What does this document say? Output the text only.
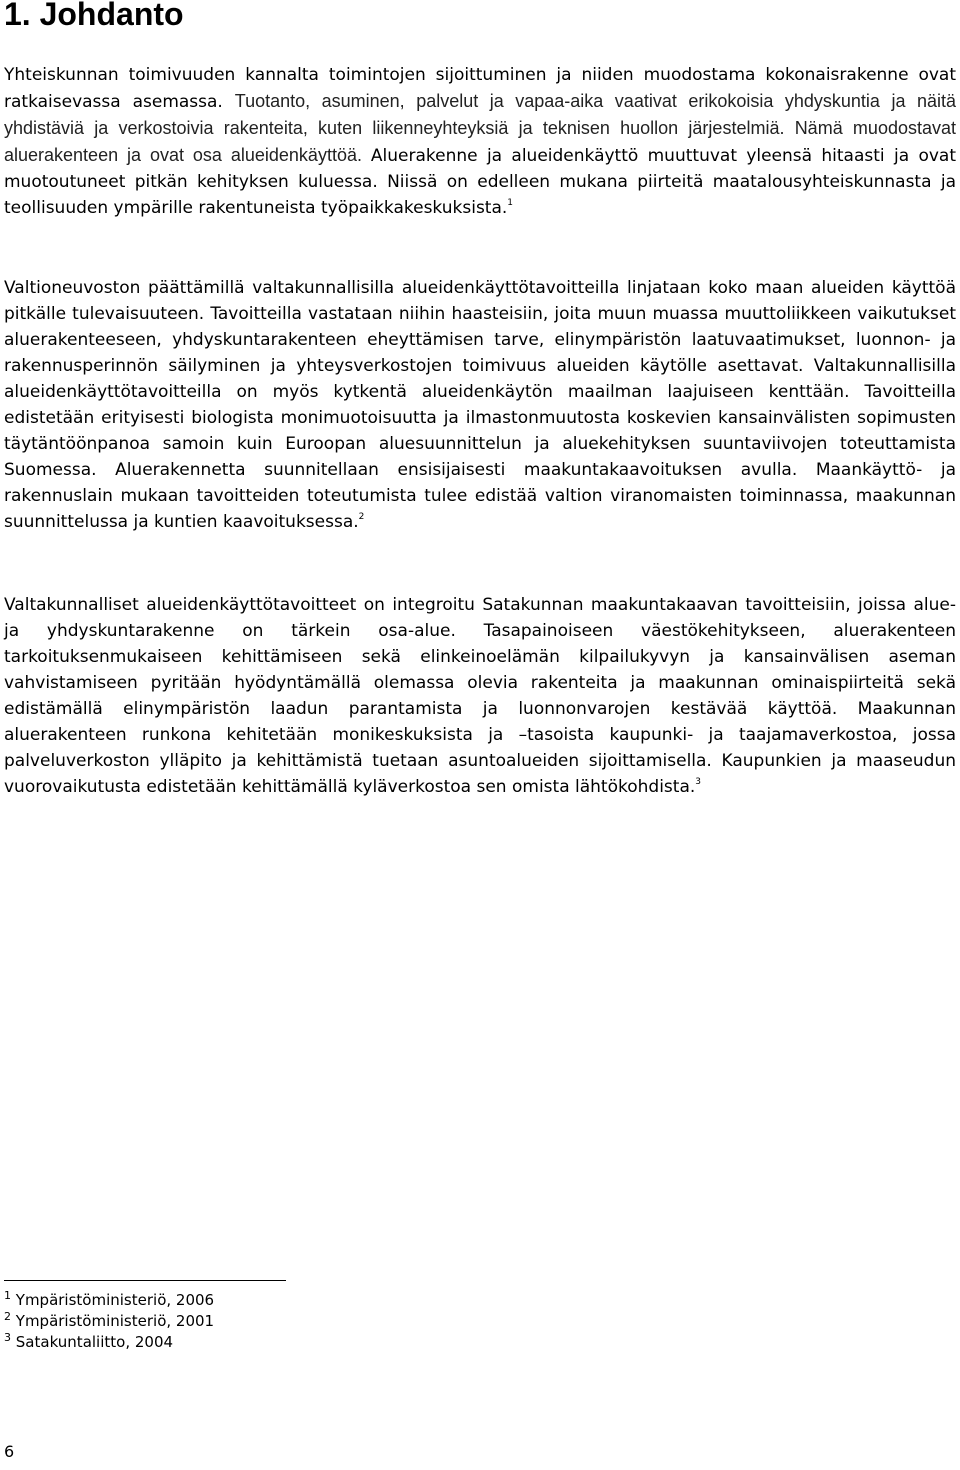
1. Johdanto

Yhteiskunnan toimivuuden kannalta toimintojen sijoittuminen ja niiden muodostama kokonaisrakenne ovat ratkaisevassa asemassa. Tuotanto, asuminen, palvelut ja vapaa-aika vaativat erikokoisia yhdyskuntia ja näitä yhdistäviä ja verkostoivia rakenteita, kuten liikenneyhteyksiä ja teknisen huollon järjestelmiä. Nämä muodostavat aluerakenteen ja ovat osa alueidenkäyttöä. Aluerakenne ja alueidenkäyttö muuttuvat yleensä hitaasti ja ovat muotoutuneet pitkän kehityksen kuluessa. Niissä on edelleen mukana piirteitä maatalousyhteiskunnasta ja teollisuuden ympärille rakentuneista työpaikkakeskuksista.$^1$

Valtioneuvoston päättämillä valtakunnallisilla alueidenkäyttötavoitteilla linjataan koko maan alueiden käyttöä pitkälle tulevaisuuteen. Tavoitteilla vastataan niihin haasteisiin, joita muun muassa muuttoliikkeen vaikutukset aluerakenteeseen, yhdyskuntarakenteen eheyttämisen tarve, elinympäristön laatuvaatimukset, luonnon- ja rakennusperinnön säilyminen ja yhteysverkostojen toimivuus alueiden käytölle asettavat. Valtakunnallisilla alueidenkäyttötavoitteilla on myös kytkentä alueidenkäytön maailman laajuiseen kenttään. Tavoitteilla edistetään erityisesti biologista monimuotoisuutta ja ilmastonmuutosta koskevien kansainvälisten sopimusten täytäntöönpanoa samoin kuin Euroopan aluesuunnittelun ja aluekehityksen suuntaviivojen toteuttamista Suomessa. Aluerakennetta suunnitellaan ensisijaisesti maakuntakaavoituksen avulla. Maankäyttö- ja rakennuslain mukaan tavoitteiden toteutumista tulee edistää valtion viranomaisten toiminnassa, maakunnan suunnittelussa ja kuntien kaavoituksessa.$^2$

Valtakunnalliset alueidenkäyttötavoitteet on integroitu Satakunnan maakuntakaavan tavoitteisiin, joissa alue- ja yhdyskuntarakenne on tärkein osa-alue. Tasapainoiseen väestökehitykseen, aluerakenteen tarkoituksenmukaiseen kehittämiseen sekä elinkeinoelämän kilpailukyvyn ja kansainvälisen aseman vahvistamiseen pyritään hyödyntämällä olemassa olevia rakenteita ja maakunnan ominaispiirteitä sekä edistämällä elinympäristön laadun parantamista ja luonnonvarojen kestävää käyttöä. Maakunnan aluerakenteen runkona kehitetään monikeskuksista ja –tasoista kaupunki- ja taajamaverkostoa, jossa palveluverkoston ylläpito ja kehittämistä tuetaan asuntoalueiden sijoittamisella. Kaupunkien ja maaseudun vuorovaikutusta edistetään kehittämällä kyläverkostoa sen omista lähtökohdista.$^3$

$^1$ Ympäristöministeriö, 2006
$^2$ Ympäristöministeriö, 2001
$^3$ Satakuntaliitto, 2004
6
